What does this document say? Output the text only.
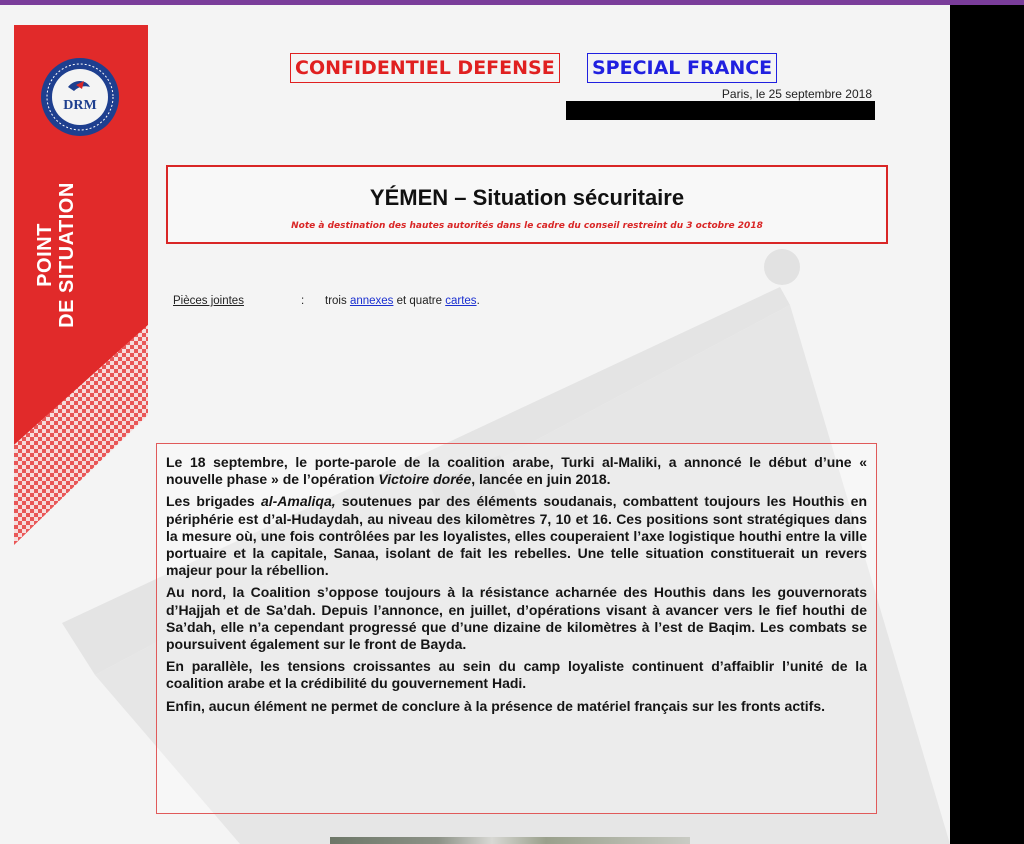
DRM
POINT DE SITUATION
CONFIDENTIEL DEFENSE SPECIAL FRANCE
Paris, le 25 septembre 2018
YÉMEN – Situation sécuritaire
Note à destination des hautes autorités dans le cadre du conseil restreint du 3 octobre 2018
Pièces jointes	: trois annexes et quatre cartes.

Le 18 septembre, le porte-parole de la coalition arabe, Turki al-Maliki, a annoncé le début d’une « nouvelle phase » de l’opération Victoire dorée, lancée en juin 2018.

Les brigades al-Amaliqa, soutenues par des éléments soudanais, combattent toujours les Houthis en périphérie est d’al-Hudaydah, au niveau des kilomètres 7, 10 et 16. Ces positions sont stratégiques dans la mesure où, une fois contrôlées par les loyalistes, elles couperaient l’axe logistique houthi entre la ville portuaire et la capitale, Sanaa, isolant de fait les rebelles. Une telle situation constituerait un revers majeur pour la rébellion.

Au nord, la Coalition s’oppose toujours à la résistance acharnée des Houthis dans les gouvernorats d’Hajjah et de Sa’dah. Depuis l’annonce, en juillet, d’opérations visant à avancer vers le fief houthi de Sa’dah, elle n’a cependant progressé que d’une dizaine de kilomètres à l’est de Baqim. Les combats se poursuivent également sur le front de Bayda.

En parallèle, les tensions croissantes au sein du camp loyaliste continuent d’affaiblir l’unité de la coalition arabe et la crédibilité du gouvernement Hadi.

Enfin, aucun élément ne permet de conclure à la présence de matériel français sur les fronts actifs.
